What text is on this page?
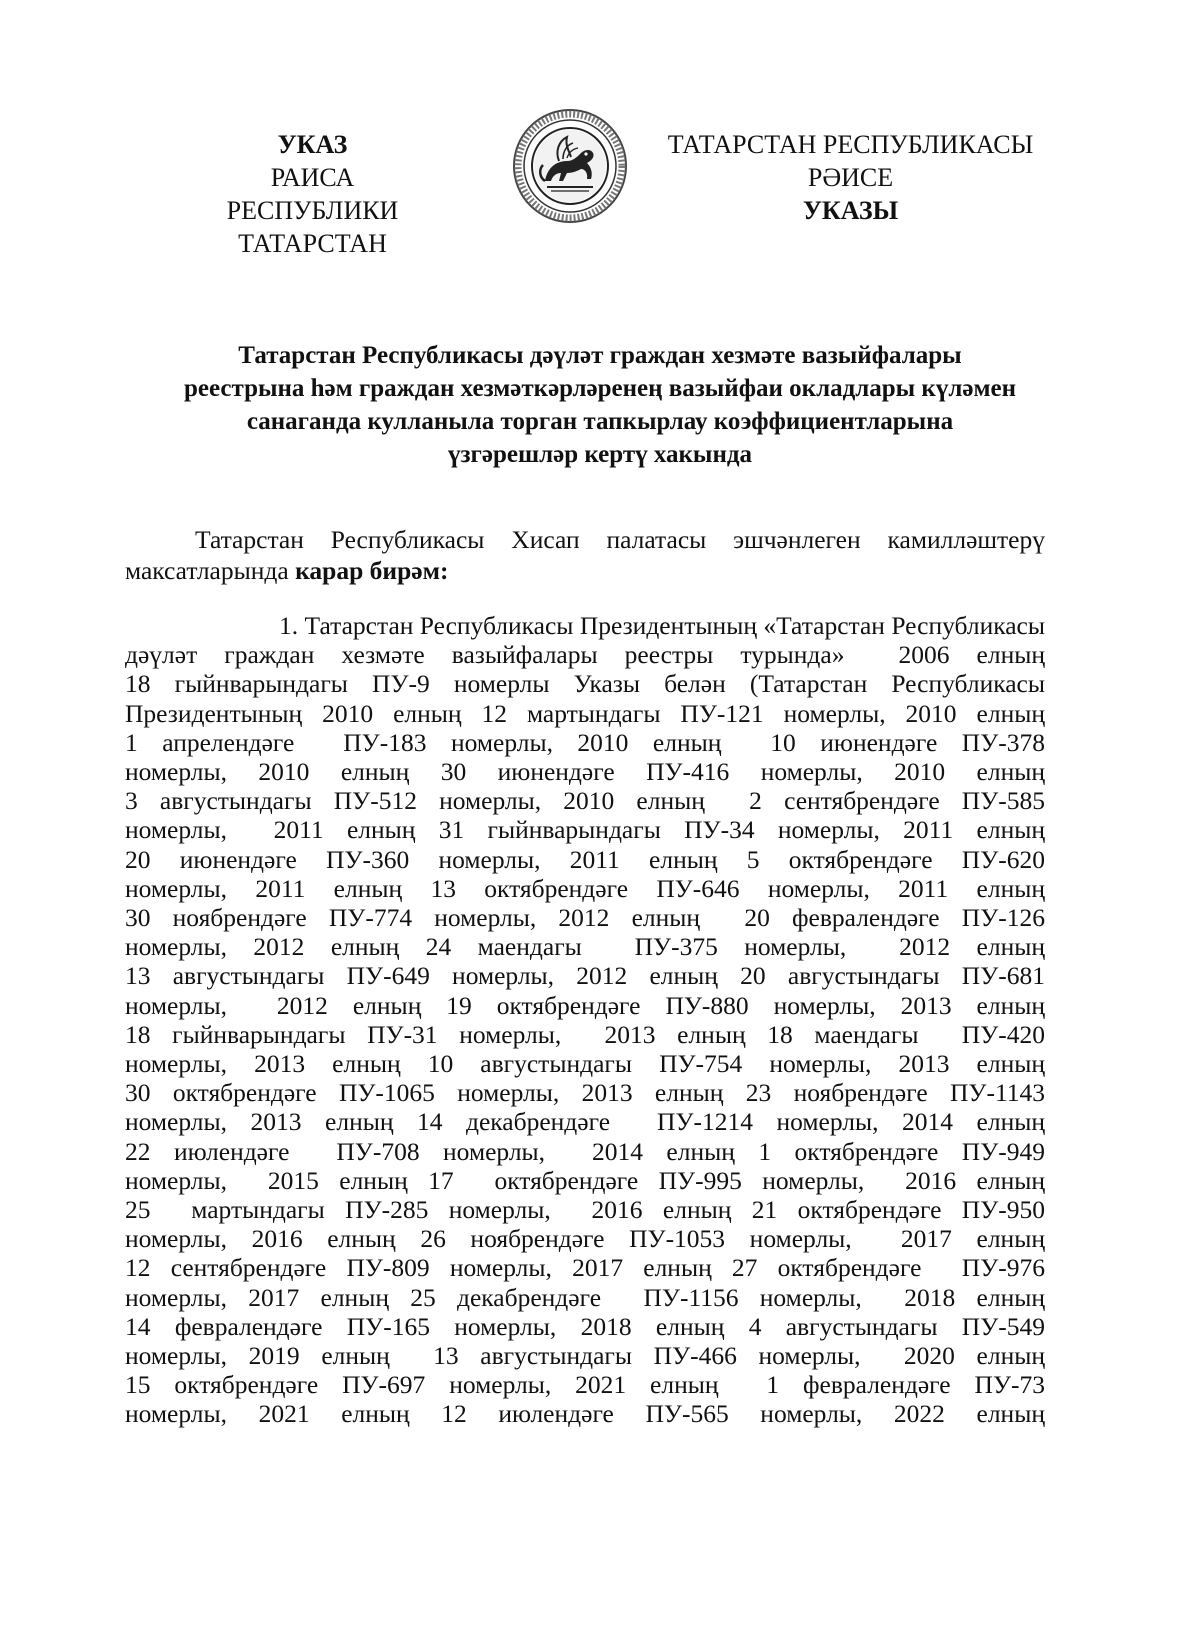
УКАЗ
РАИСА
РЕСПУБЛИКИ ТАТАРСТАН
ТАТАРСТАН РЕСПУБЛИКАСЫ
РӘИСЕ
УКАЗЫ
Татарстан Республикасы дәүләт граждан хезмәте вазыйфалары
реестрына һәм граждан хезмәткәрләренең вазыйфаи окладлары күләмен
санаганда кулланыла торган тапкырлау коэффициентларына
үзгәрешләр кертү хакында
Татарстан Республикасы Хисап палатасы эшчәнлеген камилләштерү максатларында карар бирәм:
1. Татарстан Республикасы Президентының «Татарстан Республикасы
дәүләт граждан хезмәте вазыйфалары реестры турында»  2006 елның
18 гыйнварындагы ПУ-9 номерлы Указы белән (Татарстан Республикасы
Президентының 2010 елның 12 мартындагы ПУ-121 номерлы, 2010 елның
1 апрелендәге  ПУ-183 номерлы, 2010 елның  10 июнендәге ПУ-378
номерлы, 2010 елның 30 июнендәге ПУ-416 номерлы, 2010 елның
3 августындагы ПУ-512 номерлы, 2010 елның  2 сентябрендәге ПУ-585
номерлы,  2011 елның 31 гыйнварындагы ПУ-34 номерлы, 2011 елның
20 июнендәге ПУ-360 номерлы, 2011 елның 5 октябрендәге ПУ-620
номерлы, 2011 елның 13 октябрендәге ПУ-646 номерлы, 2011 елның
30 ноябрендәге ПУ-774 номерлы, 2012 елның  20 февралендәге ПУ-126
номерлы, 2012 елның 24 маендагы  ПУ-375 номерлы,  2012 елның
13 августындагы ПУ-649 номерлы, 2012 елның 20 августындагы ПУ-681
номерлы,  2012 елның 19 октябрендәге ПУ-880 номерлы, 2013 елның
18 гыйнварындагы ПУ-31 номерлы,  2013 елның 18 маендагы  ПУ-420
номерлы, 2013 елның 10 августындагы ПУ-754 номерлы, 2013 елның
30 октябрендәге ПУ-1065 номерлы, 2013 елның 23 ноябрендәге ПУ-1143
номерлы, 2013 елның 14 декабрендәге  ПУ-1214 номерлы, 2014 елның
22 июлендәге  ПУ-708 номерлы,  2014 елның 1 октябрендәге ПУ-949
номерлы,  2015 елның 17  октябрендәге ПУ-995 номерлы,  2016 елның
25  мартындагы ПУ-285 номерлы,  2016 елның 21 октябрендәге ПУ-950
номерлы, 2016 елның 26 ноябрендәге ПУ-1053 номерлы,  2017 елның
12 сентябрендәге ПУ-809 номерлы, 2017 елның 27 октябрендәге  ПУ-976
номерлы, 2017 елның 25 декабрендәге  ПУ-1156 номерлы,  2018 елның
14 февралендәге ПУ-165 номерлы, 2018 елның 4 августындагы ПУ-549
номерлы, 2019 елның  13 августындагы ПУ-466 номерлы,  2020 елның
15 октябрендәге ПУ-697 номерлы, 2021 елның  1 февралендәге ПУ-73
номерлы, 2021 елның 12 июлендәге ПУ-565 номерлы, 2022 елның
